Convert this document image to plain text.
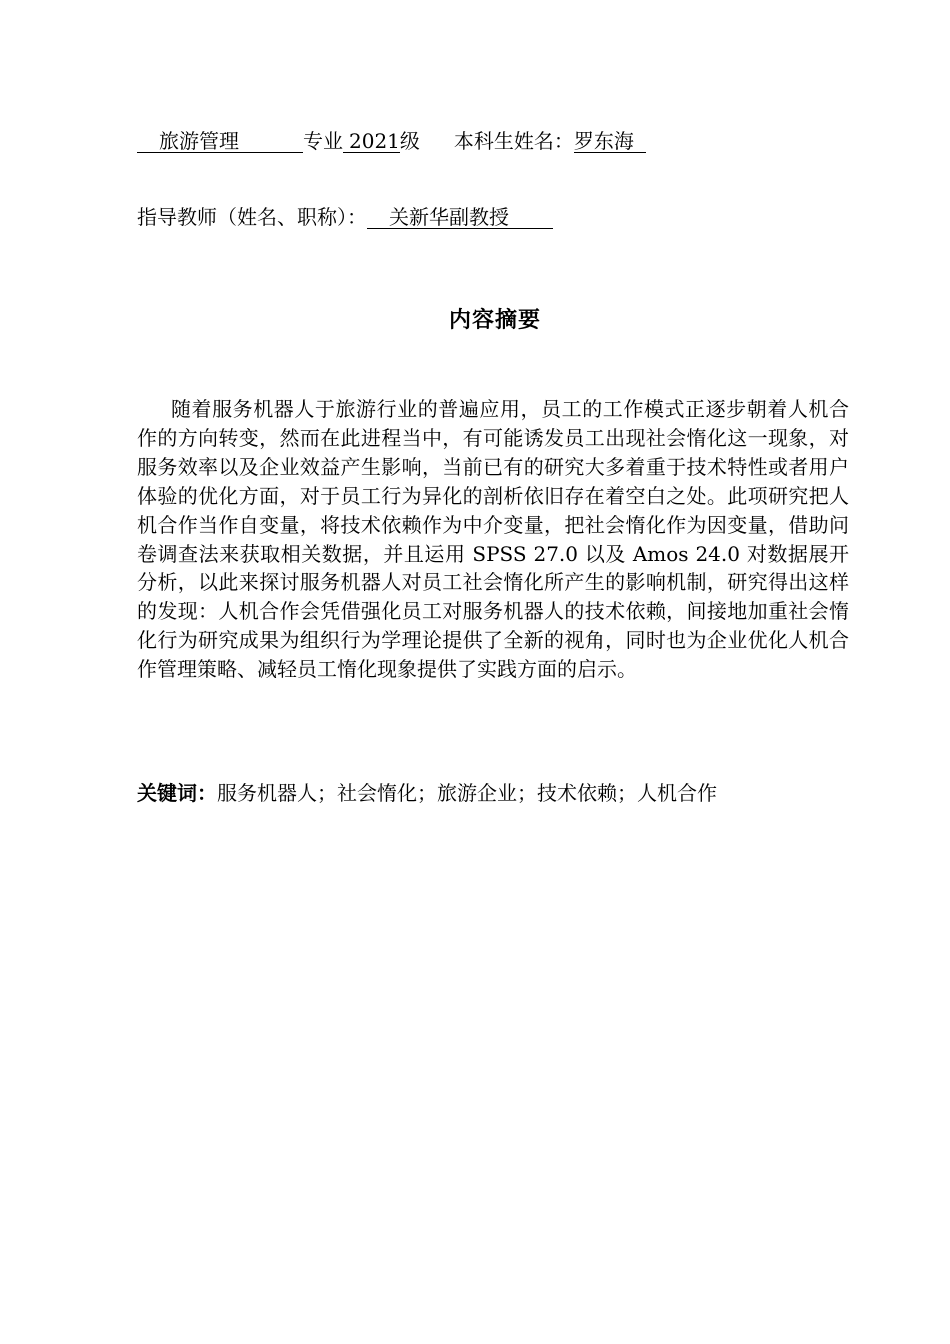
旅游管理	专业 2021级 本科生姓名：罗东海
指导教师（姓名、职称）： 关新华副教授
内容摘要

随着服务机器人于旅游行业的普遍应用，员工的工作模式正逐步朝着人机合作的方向转变，然而在此进程当中，有可能诱发员工出现社会惰化这一现象，对服务效率以及企业效益产生影响，当前已有的研究大多着重于技术特性或者用户体验的优化方面，对于员工行为异化的剖析依旧存在着空白之处。此项研究把人机合作当作自变量，将技术依赖作为中介变量，把社会惰化作为因变量，借助问卷调查法来获取相关数据，并且运用 SPSS 27.0 以及 Amos 24.0 对数据展开分析，以此来探讨服务机器人对员工社会惰化所产生的影响机制，研究得出这样的发现：人机合作会凭借强化员工对服务机器人的技术依赖，间接地加重社会惰化行为研究成果为组织行为学理论提供了全新的视角，同时也为企业优化人机合作管理策略、减轻员工惰化现象提供了实践方面的启示。

关键词：服务机器人；社会惰化；旅游企业；技术依赖；人机合作
